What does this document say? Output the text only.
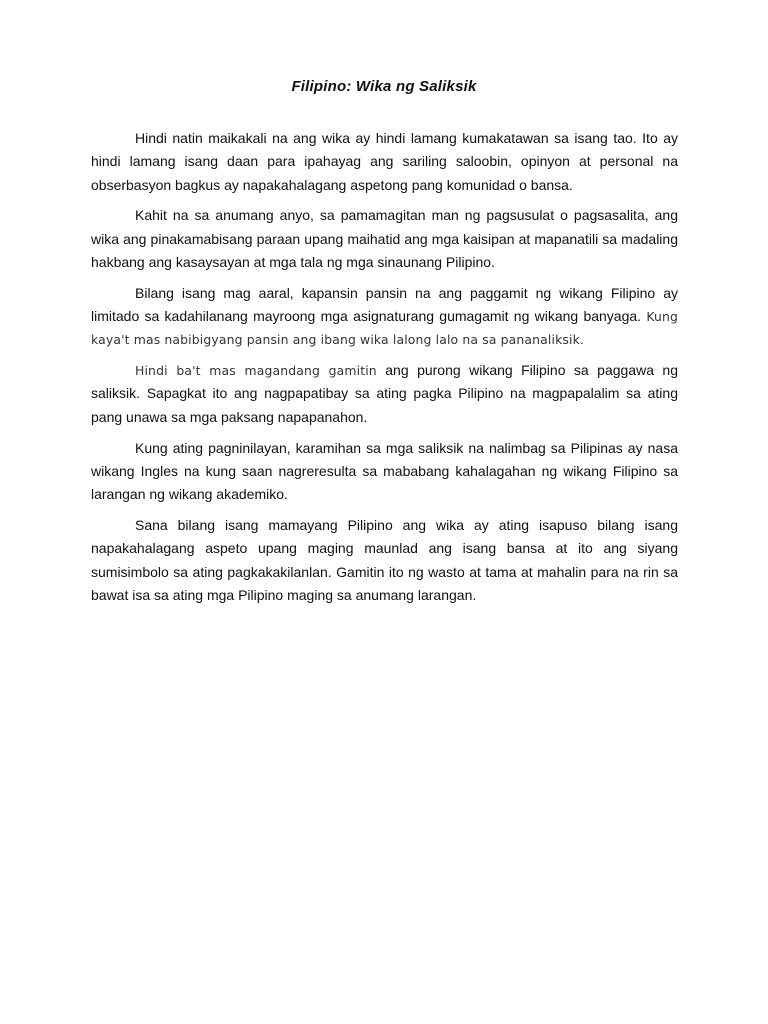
Filipino: Wika ng Saliksik

Hindi natin maikakali na ang wika ay hindi lamang kumakatawan sa isang tao. Ito ay hindi lamang isang daan para ipahayag ang sariling saloobin, opinyon at personal na obserbasyon bagkus ay napakahalagang aspetong pang komunidad o bansa.

Kahit na sa anumang anyo, sa pamamagitan man ng pagsusulat o pagsasalita, ang wika ang pinakamabisang paraan upang maihatid ang mga kaisipan at mapanatili sa madaling hakbang ang kasaysayan at mga tala ng mga sinaunang Pilipino.

Bilang isang mag aaral, kapansin pansin na ang paggamit ng wikang Filipino ay limitado sa kadahilanang mayroong mga asignaturang gumagamit ng wikang banyaga. Kung kaya't mas nabibigyang pansin ang ibang wika lalong lalo na sa pananaliksik.

Hindi ba't mas magandang gamitin ang purong wikang Filipino sa paggawa ng saliksik. Sapagkat ito ang nagpapatibay sa ating pagka Pilipino na magpapalalim sa ating pang unawa sa mga paksang napapanahon.

Kung ating pagninilayan, karamihan sa mga saliksik na nalimbag sa Pilipinas ay nasa wikang Ingles na kung saan nagreresulta sa mababang kahalagahan ng wikang Filipino sa larangan ng wikang akademiko.

Sana bilang isang mamayang Pilipino ang wika ay ating isapuso bilang isang napakahalagang aspeto upang maging maunlad ang isang bansa at ito ang siyang sumisimbolo sa ating pagkakakilanlan. Gamitin ito ng wasto at tama at mahalin para na rin sa bawat isa sa ating mga Pilipino maging sa anumang larangan.
